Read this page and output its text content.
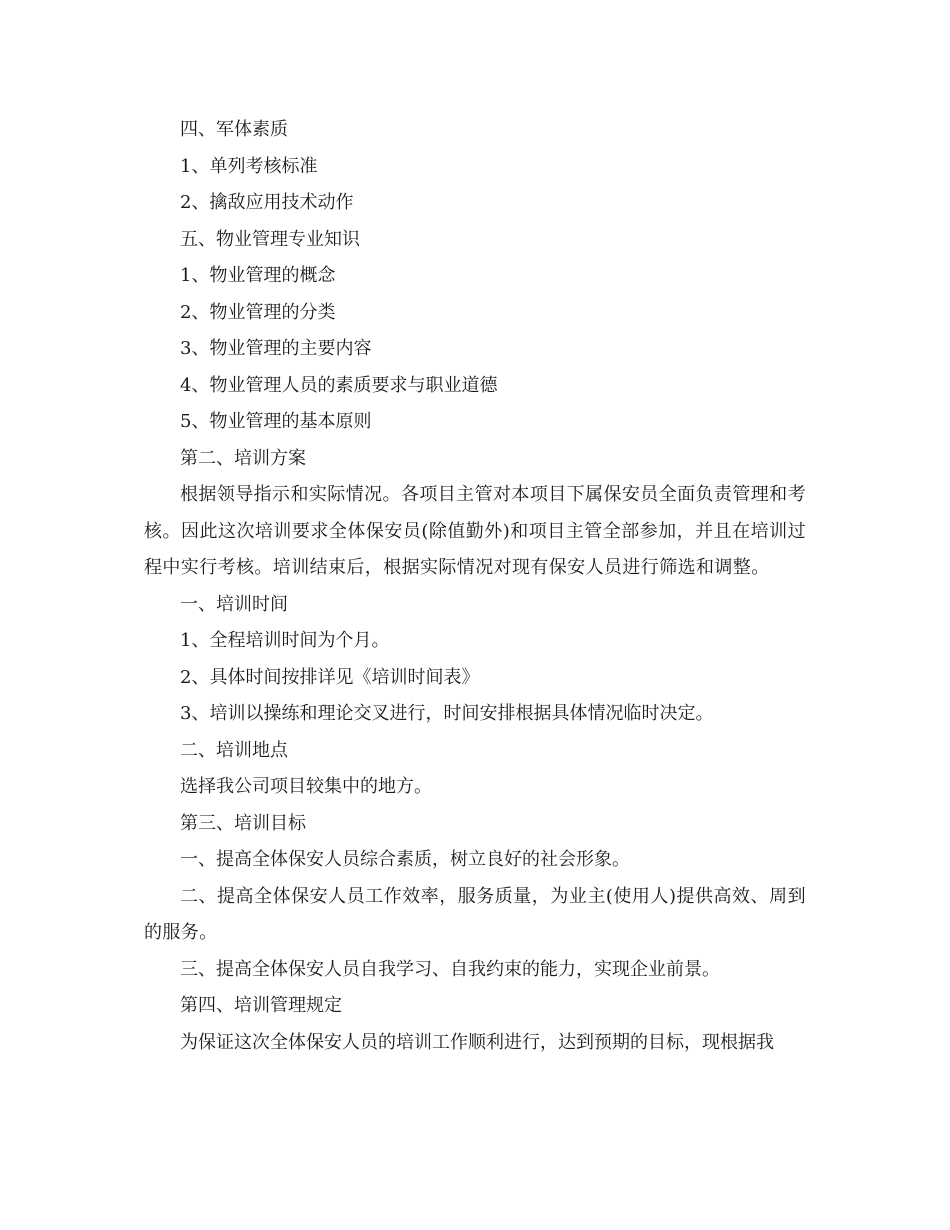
四、军体素质

1、单列考核标准

2、擒敌应用技术动作

五、物业管理专业知识

1、物业管理的概念

2、物业管理的分类

3、物业管理的主要内容

4、物业管理人员的素质要求与职业道德

5、物业管理的基本原则

第二、培训方案

根据领导指示和实际情况。各项目主管对本项目下属保安员全面负责管理和考核。因此这次培训要求全体保安员(除值勤外)和项目主管全部参加，并且在培训过程中实行考核。培训结束后，根据实际情况对现有保安人员进行筛选和调整。

一、培训时间

1、全程培训时间为个月。

2、具体时间按排详见《培训时间表》

3、培训以操练和理论交叉进行，时间安排根据具体情况临时决定。

二、培训地点

选择我公司项目较集中的地方。

第三、培训目标

一、提高全体保安人员综合素质，树立良好的社会形象。

二、提高全体保安人员工作效率，服务质量，为业主(使用人)提供高效、周到的服务。

三、提高全体保安人员自我学习、自我约束的能力，实现企业前景。

第四、培训管理规定

为保证这次全体保安人员的培训工作顺利进行，达到预期的目标，现根据我
